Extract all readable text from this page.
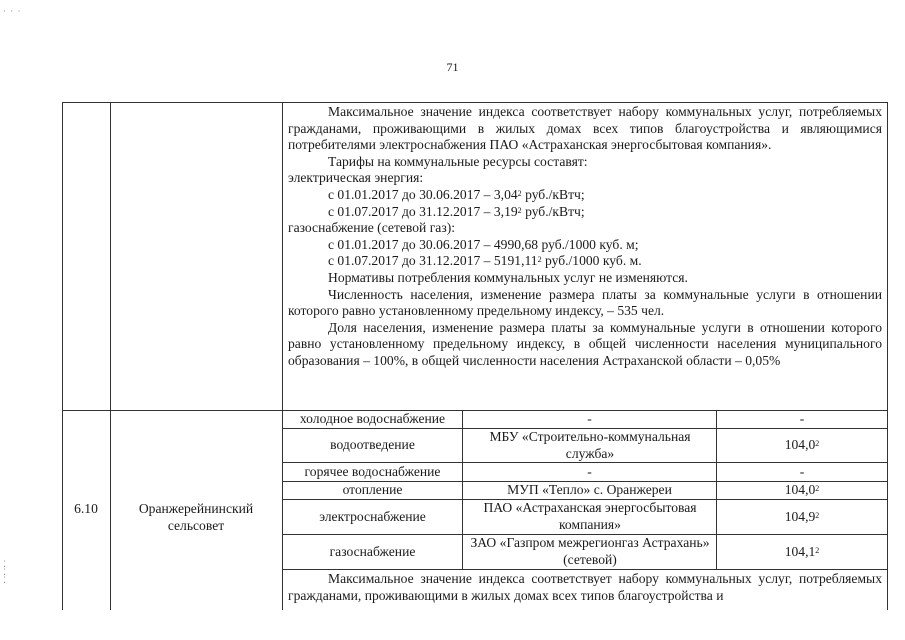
71
Максимальное значение индекса соответствует набору коммунальных услуг, потребляемых гражданами, проживающими в жилых домах всех типов благоустройства и являющимися потребителями электроснабжения ПАО «Астраханская энергосбытовая компания».
Тарифы на коммунальные ресурсы составят:
электрическая энергия:
с 01.01.2017 до 30.06.2017 – 3,04$^2$ руб./кВтч;
с 01.07.2017 до 31.12.2017 – 3,19$^2$ руб./кВтч;
газоснабжение (сетевой газ):
с 01.01.2017 до 30.06.2017 – 4990,68 руб./1000 куб. м;
с 01.07.2017 до 31.12.2017 – 5191,11$^2$ руб./1000 куб. м.
Нормативы потребления коммунальных услуг не изменяются.
Численность населения, изменение размера платы за коммунальные услуги в отношении которого равно установленному предельному индексу, – 535 чел.
Доля населения, изменение размера платы за коммунальные услуги в отношении которого равно установленному предельному индексу, в общей численности населения муниципального образования – 100%, в общей численности населения Астраханской области – 0,05%
6.10	Оранжерейнинский сельсовет
холодное водоснабжение
водоотведение
горячее водоснабжение
отопление
электроснабжение
газоснабжение
-
МБУ «Строительно-коммунальная служба»
-
МУП «Тепло» с. Оранжереи
ПАО «Астраханская энергосбытовая компания»
ЗАО «Газпром межрегионгаз Астрахань» (сетевой)
-
104,0$^2$
-
104,0$^2$
104,9$^2$
104,1$^2$
Максимальное значение индекса соответствует набору коммунальных услуг, потребляемых гражданами, проживающими в жилых домах всех типов благоустройства и
· · ·
⁚
⁚
⁚
